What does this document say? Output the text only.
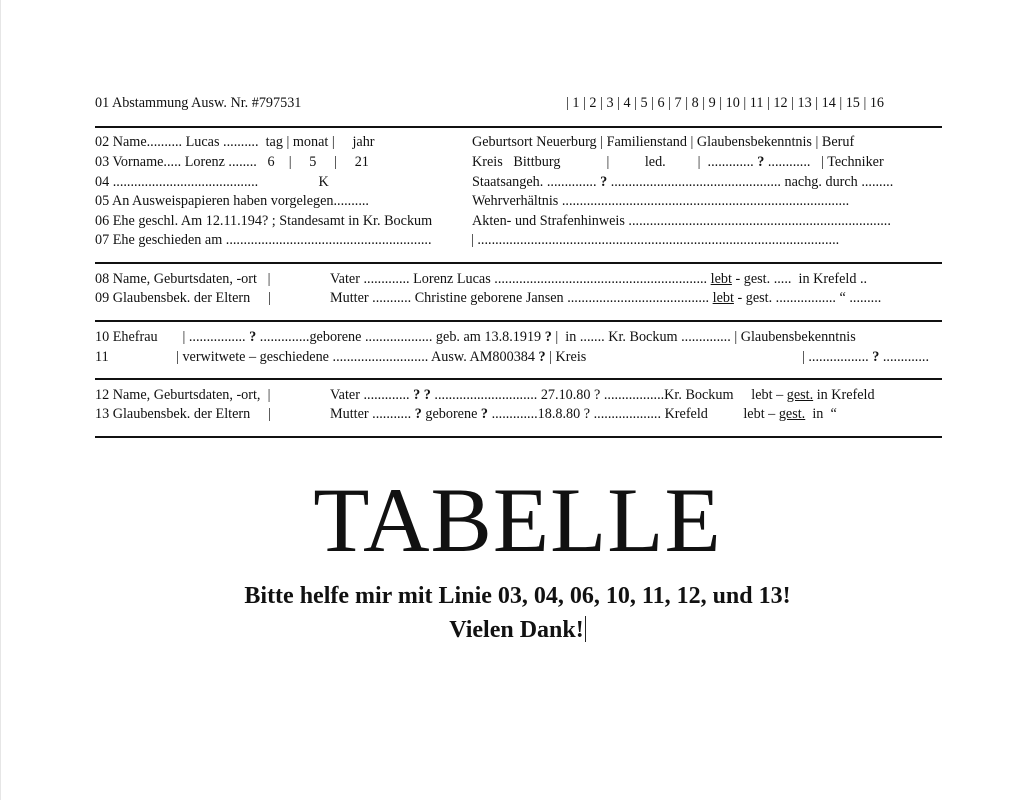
01 Abstammung Ausw. Nr. #797531	| 1 | 2 | 3 | 4 | 5 | 6 | 7 | 8 | 9 | 10 | 11 | 12 | 13 | 14 | 15 | 16
02 Name.......... Lucas ..........  tag | monat |     jahr	Geburtsort Neuerburg | Familienstand | Glaubensbekenntnis | Beruf
03 Vorname..... Lorenz ........   6    |     5     |     21	Kreis   Bittburg             |          led.         |  ............. ? ............   | Techniker
04 .........................................                 K	Staatsangeh. .............. ? ................................................ nachg. durch .........
05 An Ausweispapieren haben vorgelegen..........	Wehrverhältnis .................................................................................
06 Ehe geschl. Am 12.11.194? ; Standesamt in Kr. Bockum	Akten- und Strafenhinweis ..........................................................................
07 Ehe geschieden am ..........................................................	| ......................................................................................................
08 Name, Geburtsdaten, -ort   |	Vater ............. Lorenz Lucas ............................................................ lebt - gest. .....  in Krefeld ..
09 Glaubensbek. der Eltern     |	Mutter ........... Christine geborene Jansen ........................................ lebt - gest. ................. “ .........
10 Ehefrau       | ................ ? ..............geborene ................... geb. am 13.8.1919 ? |  in ....... Kr. Bockum .............. | Glaubensbekenntnis
11                   | verwitwete – geschiedene ........................... Ausw. AM800384 ? | Kreis	| ................. ? .............
12 Name, Geburtsdaten, -ort,  |	Vater ............. ? ? ............................. 27.10.80 ? .................Kr. Bockum     lebt – gest. in Krefeld
13 Glaubensbek. der Eltern     |	Mutter ........... ? geborene ? .............18.8.80 ? ................... Krefeld          lebt – gest.  in  “
TABELLE
Bitte helfe mir mit Linie 03, 04, 06, 10, 11, 12, und 13!
Vielen Dank!
